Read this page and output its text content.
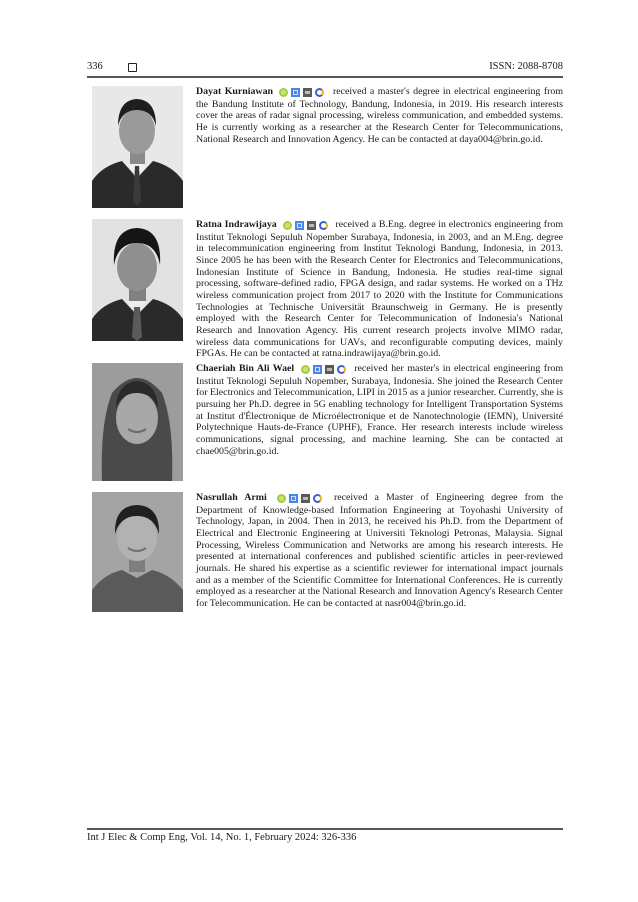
336	ISSN: 2088-8708
Dayat Kurniawan	received a master's degree in electrical engineering from the Bandung Institute of Technology, Bandung, Indonesia, in 2019. His research interests cover the areas of radar signal processing, wireless communication, and embedded systems. He is currently working as a researcher at the Research Center for Telecommunications, National Research and Innovation Agency. He can be contacted at daya004@brin.go.id.
Ratna Indrawijaya	received a B.Eng. degree in electronics engineering from Institut Teknologi Sepuluh Nopember Surabaya, Indonesia, in 2003, and an M.Eng. degree in telecommunication engineering from Institut Teknologi Bandung, Indonesia, in 2013. Since 2005 he has been with the Research Center for Electronics and Telecommunications, Indonesian Institute of Science in Bandung, Indonesia. He studies real-time signal processing, software-defined radio, FPGA design, and radar systems. He worked on a THz wireless communication project from 2017 to 2020 with the Institute for Communications Technologies at Technische Universität Braunschweig in Germany. He is presently employed with the Research Center for Telecommunication of Indonesia's National Research and Innovation Agency. His current research projects involve MIMO radar, wireless data communications for UAVs, and reconfigurable computing devices, mainly FPGAs. He can be contacted at ratna.indrawijaya@brin.go.id.
Chaeriah Bin Ali Wael	received her master's in electrical engineering from Institut Teknologi Sepuluh Nopember, Surabaya, Indonesia. She joined the Research Center for Electronics and Telecommunication, LIPI in 2015 as a junior researcher. Currently, she is pursuing her Ph.D. degree in 5G enabling technology for Intelligent Transportation Systems at Institut d'Électronique de Microélectronique et de Nanotechnologie (IEMN), Université Polytechnique Hauts-de-France (UPHF), France. Her research interests include wireless communications, signal processing, and machine learning. She can be contacted at chae005@brin.go.id.
Nasrullah Armi	received a Master of Engineering degree from the Department of Knowledge-based Information Engineering at Toyohashi University of Technology, Japan, in 2004. Then in 2013, he received his Ph.D. from the Department of Electrical and Electronic Engineering at Universiti Teknologi Petronas, Malaysia. Signal Processing, Wireless Communication and Networks are among his research interests. He presented at international conferences and published scientific articles in peer-reviewed journals. He shared his expertise as a scientific reviewer for international impact journals and as a member of the Scientific Committee for International Conferences. He is currently employed as a researcher at the National Research and Innovation Agency's Research Center for Telecommunication. He can be contacted at nasr004@brin.go.id.
Int J Elec & Comp Eng, Vol. 14, No. 1, February 2024: 326-336
